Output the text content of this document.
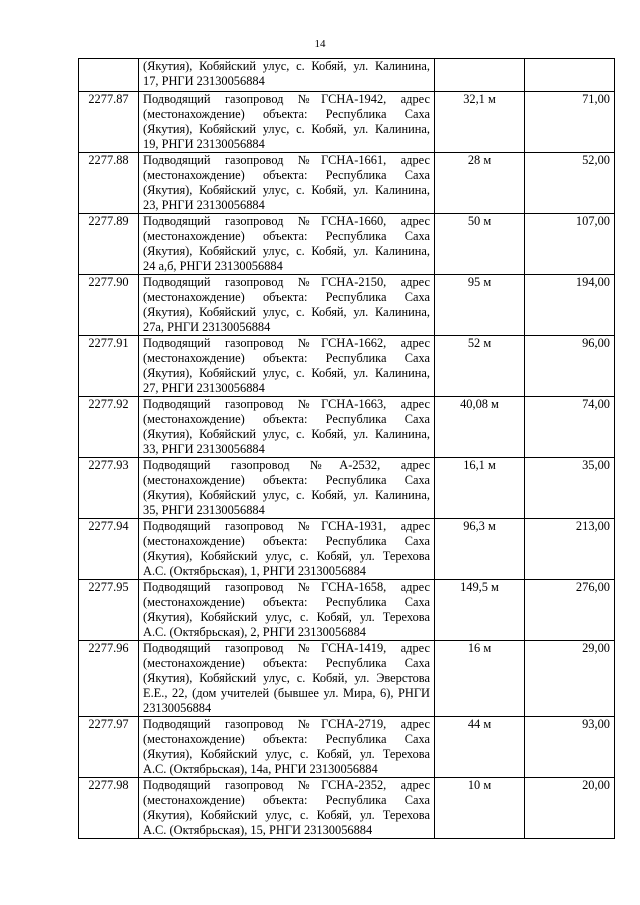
14

	(Якутия), Кобяйский улус, с. Кобяй, ул. Калинина,
17, РНГИ 23130056884		

2277.87	Подводящий газопровод №ГСНА-1942, адрес
(местонахождение) объекта: Республика Саха
(Якутия), Кобяйский улус, с. Кобяй, ул. Калинина,
19, РНГИ 23130056884	32,1 м	71,00
2277.88	Подводящий газопровод №ГСНА-1661, адрес
(местонахождение) объекта: Республика Саха
(Якутия), Кобяйский улус, с. Кобяй, ул. Калинина,
23, РНГИ 23130056884	28 м	52,00
2277.89	Подводящий газопровод №ГСНА-1660, адрес
(местонахождение) объекта: Республика Саха
(Якутия), Кобяйский улус, с. Кобяй, ул. Калинина,
24 а,б, РНГИ 23130056884	50 м	107,00
2277.90	Подводящий газопровод №ГСНА-2150, адрес
(местонахождение) объекта: Республика Саха
(Якутия), Кобяйский улус, с. Кобяй, ул. Калинина,
27а, РНГИ 23130056884	95 м	194,00
2277.91	Подводящий газопровод №ГСНА-1662, адрес
(местонахождение) объекта: Республика Саха
(Якутия), Кобяйский улус, с. Кобяй, ул. Калинина,
27, РНГИ 23130056884	52 м	96,00
2277.92	Подводящий газопровод №ГСНА-1663, адрес
(местонахождение) объекта: Республика Саха
(Якутия), Кобяйский улус, с. Кобяй, ул. Калинина,
33, РНГИ 23130056884	40,08 м	74,00
2277.93	Подводящий газопровод №А-2532, адрес
(местонахождение) объекта: Республика Саха
(Якутия), Кобяйский улус, с. Кобяй, ул. Калинина,
35, РНГИ 23130056884	16,1 м	35,00
2277.94	Подводящий газопровод №ГСНА-1931, адрес
(местонахождение) объекта: Республика Саха
(Якутия), Кобяйский улус, с. Кобяй, ул. Терехова
А.С. (Октябрьская), 1, РНГИ 23130056884	96,3 м	213,00
2277.95	Подводящий газопровод №ГСНА-1658, адрес
(местонахождение) объекта: Республика Саха
(Якутия), Кобяйский улус, с. Кобяй, ул. Терехова
А.С. (Октябрьская), 2, РНГИ 23130056884	149,5 м	276,00
2277.96	Подводящий газопровод №ГСНА-1419, адрес
(местонахождение) объекта: Республика Саха
(Якутия), Кобяйский улус, с. Кобяй, ул. Эверстова
Е.Е., 22, (дом учителей (бывшее ул. Мира, 6), РНГИ
23130056884	16 м	29,00
2277.97	Подводящий газопровод №ГСНА-2719, адрес
(местонахождение) объекта: Республика Саха
(Якутия), Кобяйский улус, с. Кобяй, ул. Терехова
А.С. (Октябрьская), 14а, РНГИ 23130056884	44 м	93,00
2277.98	Подводящий газопровод №ГСНА-2352, адрес
(местонахождение) объекта: Республика Саха
(Якутия), Кобяйский улус, с. Кобяй, ул. Терехова
А.С. (Октябрьская), 15, РНГИ 23130056884	10 м	20,00
